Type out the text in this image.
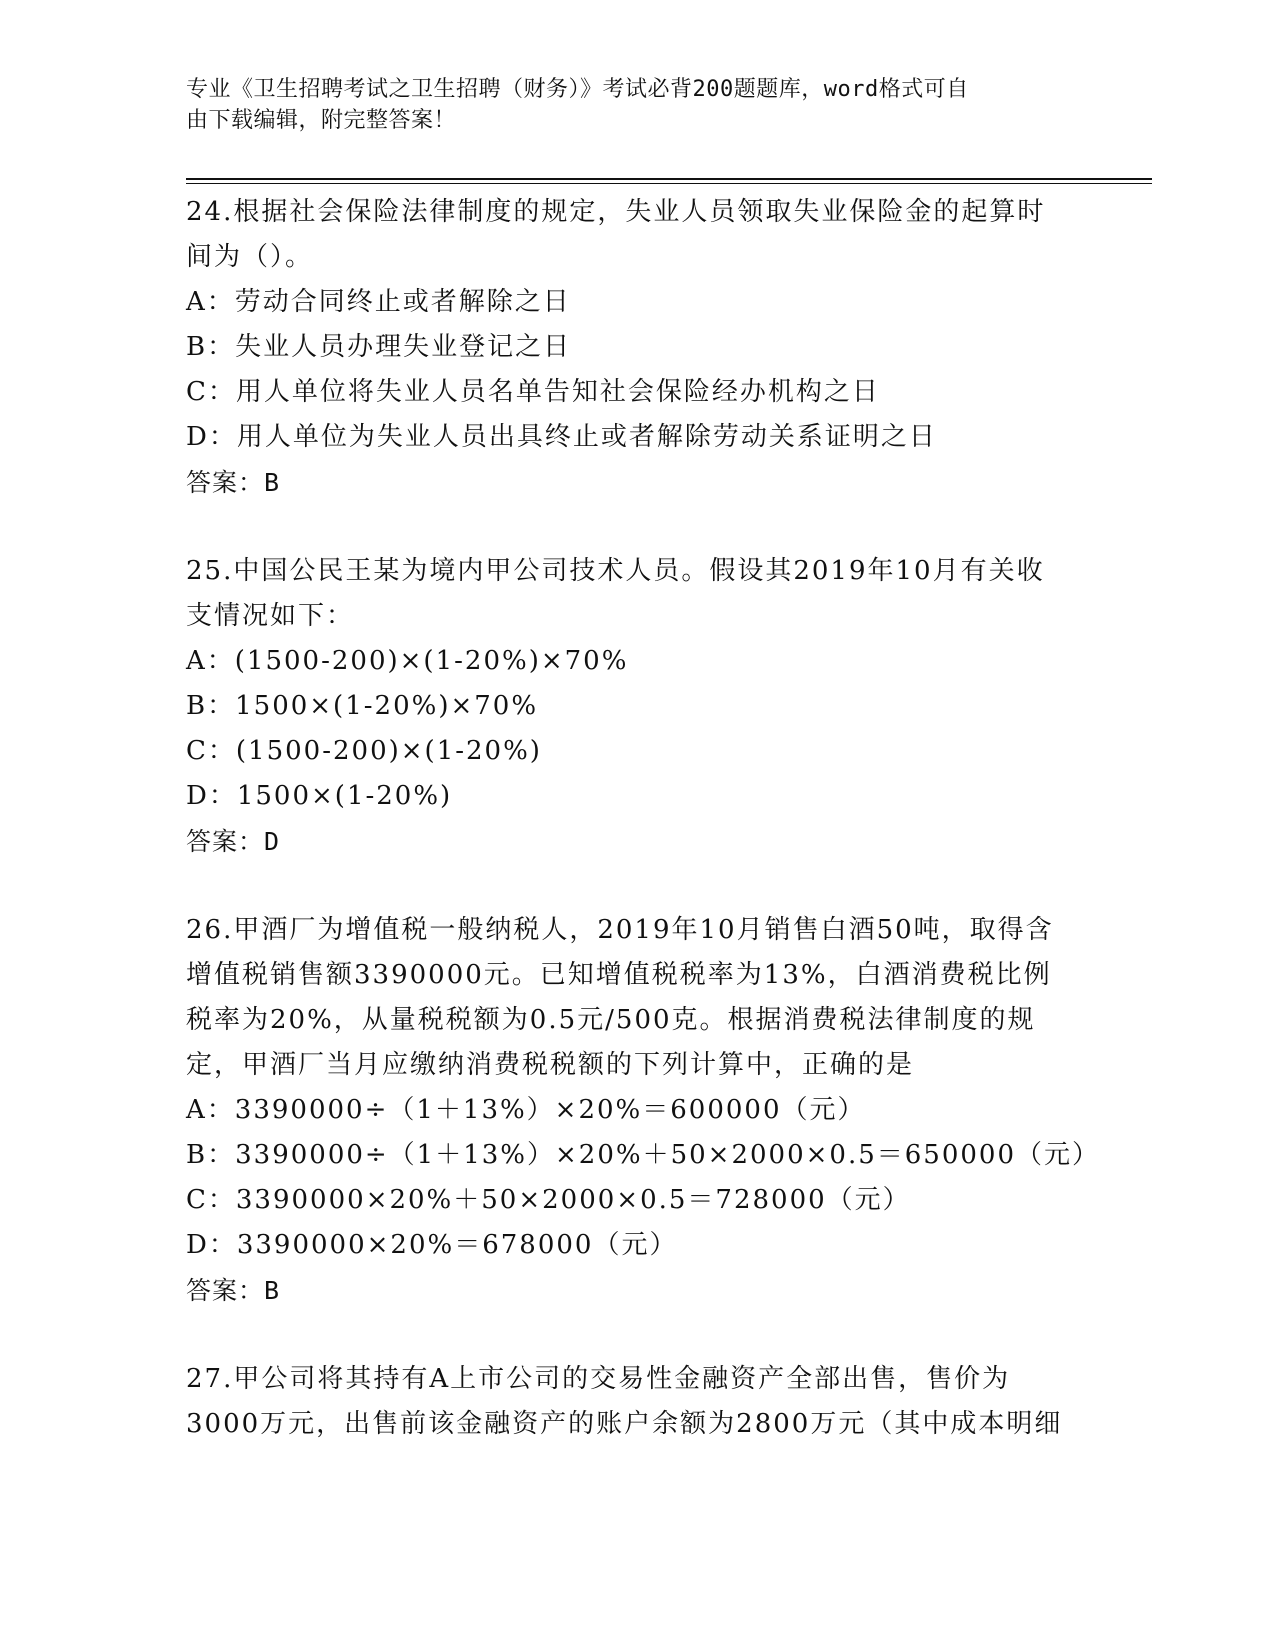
专业《卫生招聘考试之卫生招聘（财务）》考试必背200题题库，word格式可自
由下载编辑，附完整答案！

24.根据社会保险法律制度的规定，失业人员领取失业保险金的起算时

间为（）。

A：劳动合同终止或者解除之日

B：失业人员办理失业登记之日

C：用人单位将失业人员名单告知社会保险经办机构之日

D：用人单位为失业人员出具终止或者解除劳动关系证明之日

答案：B

25.中国公民王某为境内甲公司技术人员。假设其2019年10月有关收

支情况如下：

A：(1500-200)×(1-20%)×70%

B：1500×(1-20%)×70%

C：(1500-200)×(1-20%)

D：1500×(1-20%)

答案：D

26.甲酒厂为增值税一般纳税人，2019年10月销售白酒50吨，取得含

增值税销售额3390000元。已知增值税税率为13%，白酒消费税比例

税率为20%，从量税税额为0.5元/500克。根据消费税法律制度的规

定，甲酒厂当月应缴纳消费税税额的下列计算中，正确的是

A：3390000÷（1＋13%）×20%＝600000（元）

B：3390000÷（1＋13%）×20%＋50×2000×0.5＝650000（元）

C：3390000×20%＋50×2000×0.5＝728000（元）

D：3390000×20%＝678000（元）

答案：B

27.甲公司将其持有A上市公司的交易性金融资产全部出售，售价为

3000万元，出售前该金融资产的账户余额为2800万元（其中成本明细
